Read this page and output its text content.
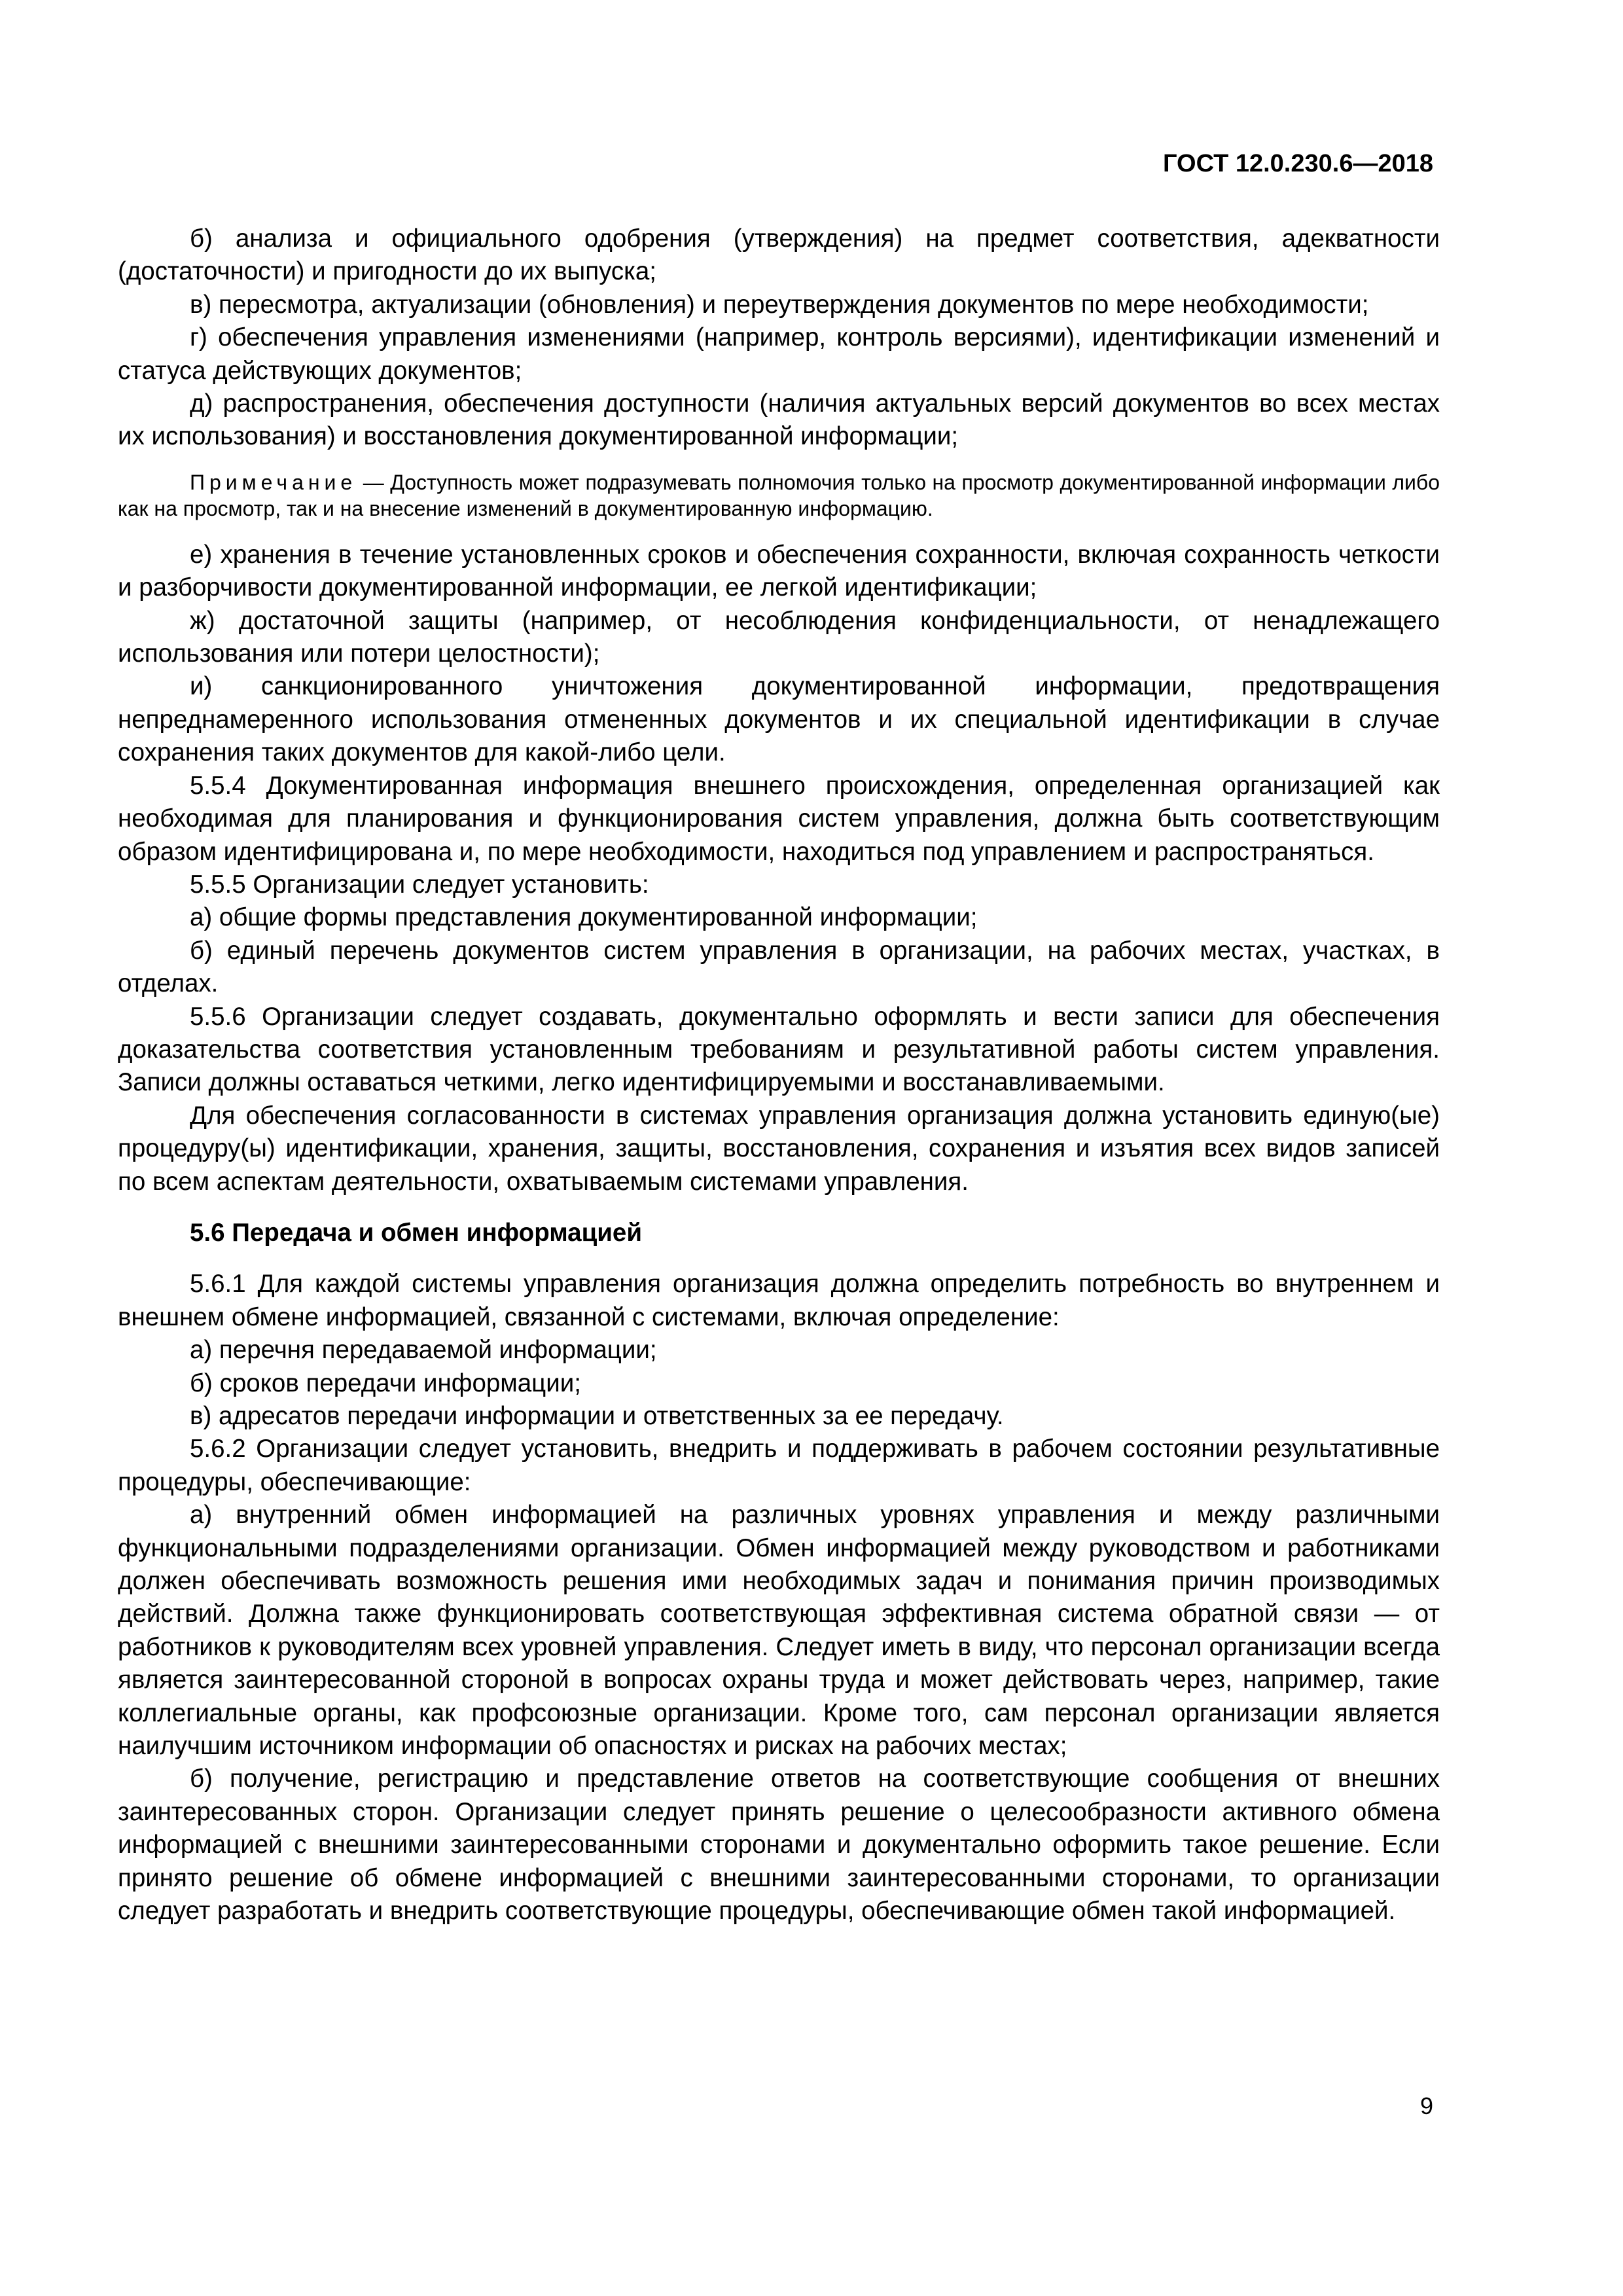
ГОСТ 12.0.230.6—2018

б) анализа и официального одобрения (утверждения) на предмет соответствия, адекватности (достаточности) и пригодности до их выпуска;

в) пересмотра, актуализации (обновления) и переутверждения документов по мере необходимости;

г) обеспечения управления изменениями (например, контроль версиями), идентификации изменений и статуса действующих документов;

д) распространения, обеспечения доступности (наличия актуальных версий документов во всех местах их использования) и восстановления документированной информации;

Примечание — Доступность может подразумевать полномочия только на просмотр документированной информации либо как на просмотр, так и на внесение изменений в документированную информацию.

е) хранения в течение установленных сроков и обеспечения сохранности, включая сохранность четкости и разборчивости документированной информации, ее легкой идентификации;

ж) достаточной защиты (например, от несоблюдения конфиденциальности, от ненадлежащего использования или потери целостности);

и) санкционированного уничтожения документированной информации, предотвращения непреднамеренного использования отмененных документов и их специальной идентификации в случае сохранения таких документов для какой-либо цели.

5.5.4 Документированная информация внешнего происхождения, определенная организацией как необходимая для планирования и функционирования систем управления, должна быть соответствующим образом идентифицирована и, по мере необходимости, находиться под управлением и распространяться.

5.5.5 Организации следует установить:

а) общие формы представления документированной информации;

б) единый перечень документов систем управления в организации, на рабочих местах, участках, в отделах.

5.5.6 Организации следует создавать, документально оформлять и вести записи для обеспечения доказательства соответствия установленным требованиям и результативной работы систем управления. Записи должны оставаться четкими, легко идентифицируемыми и восстанавливаемыми.

Для обеспечения согласованности в системах управления организация должна установить единую(ые) процедуру(ы) идентификации, хранения, защиты, восстановления, сохранения и изъятия всех видов записей по всем аспектам деятельности, охватываемым системами управления.

5.6 Передача и обмен информацией

5.6.1 Для каждой системы управления организация должна определить потребность во внутреннем и внешнем обмене информацией, связанной с системами, включая определение:

а) перечня передаваемой информации;

б) сроков передачи информации;

в) адресатов передачи информации и ответственных за ее передачу.

5.6.2 Организации следует установить, внедрить и поддерживать в рабочем состоянии результативные процедуры, обеспечивающие:

а) внутренний обмен информацией на различных уровнях управления и между различными функциональными подразделениями организации. Обмен информацией между руководством и работниками должен обеспечивать возможность решения ими необходимых задач и понимания причин производимых действий. Должна также функционировать соответствующая эффективная система обратной связи — от работников к руководителям всех уровней управления. Следует иметь в виду, что персонал организации всегда является заинтересованной стороной в вопросах охраны труда и может действовать через, например, такие коллегиальные органы, как профсоюзные организации. Кроме того, сам персонал организации является наилучшим источником информации об опасностях и рисках на рабочих местах;

б) получение, регистрацию и представление ответов на соответствующие сообщения от внешних заинтересованных сторон. Организации следует принять решение о целесообразности активного обмена информацией с внешними заинтересованными сторонами и документально оформить такое решение. Если принято решение об обмене информацией с внешними заинтересованными сторонами, то организации следует разработать и внедрить соответствующие процедуры, обеспечивающие обмен такой информацией.

9
